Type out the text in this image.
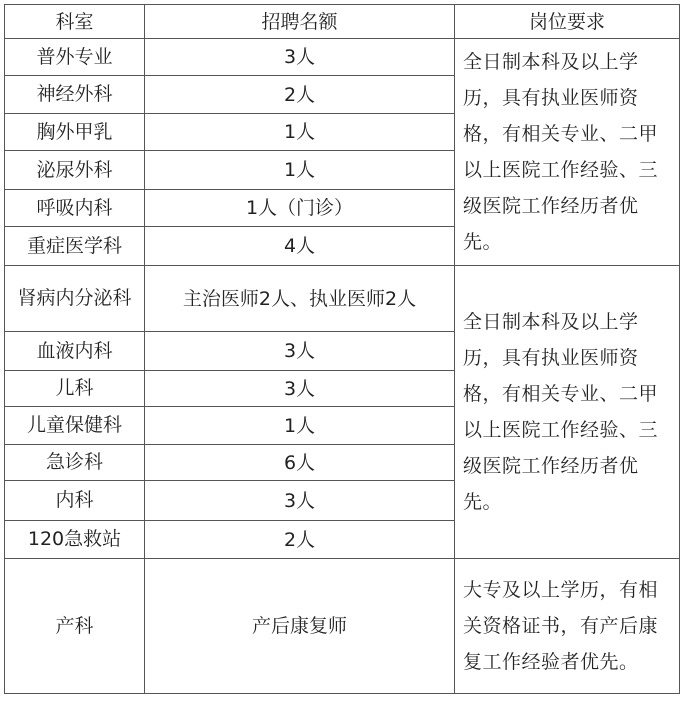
科室	招聘名额	岗位要求
普外专业	3人	全日制本科及以上学历，具有执业医师资格，有相关专业、二甲以上医院工作经验、三级医院工作经历者优先。
神经外科	2人	
胸外甲乳	1人	
泌尿外科	1人	
呼吸内科	1人（门诊）	
重症医学科	4人	
肾病内分泌科	主治医师2人、执业医师2人	全日制本科及以上学历，具有执业医师资格，有相关专业、二甲以上医院工作经验、三级医院工作经历者优先。
血液内科	3人	
儿科	3人	
儿童保健科	1人	
急诊科	6人	
内科	3人	
120急救站	2人	
产科	产后康复师	大专及以上学历，有相关资格证书，有产后康复工作经验者优先。
